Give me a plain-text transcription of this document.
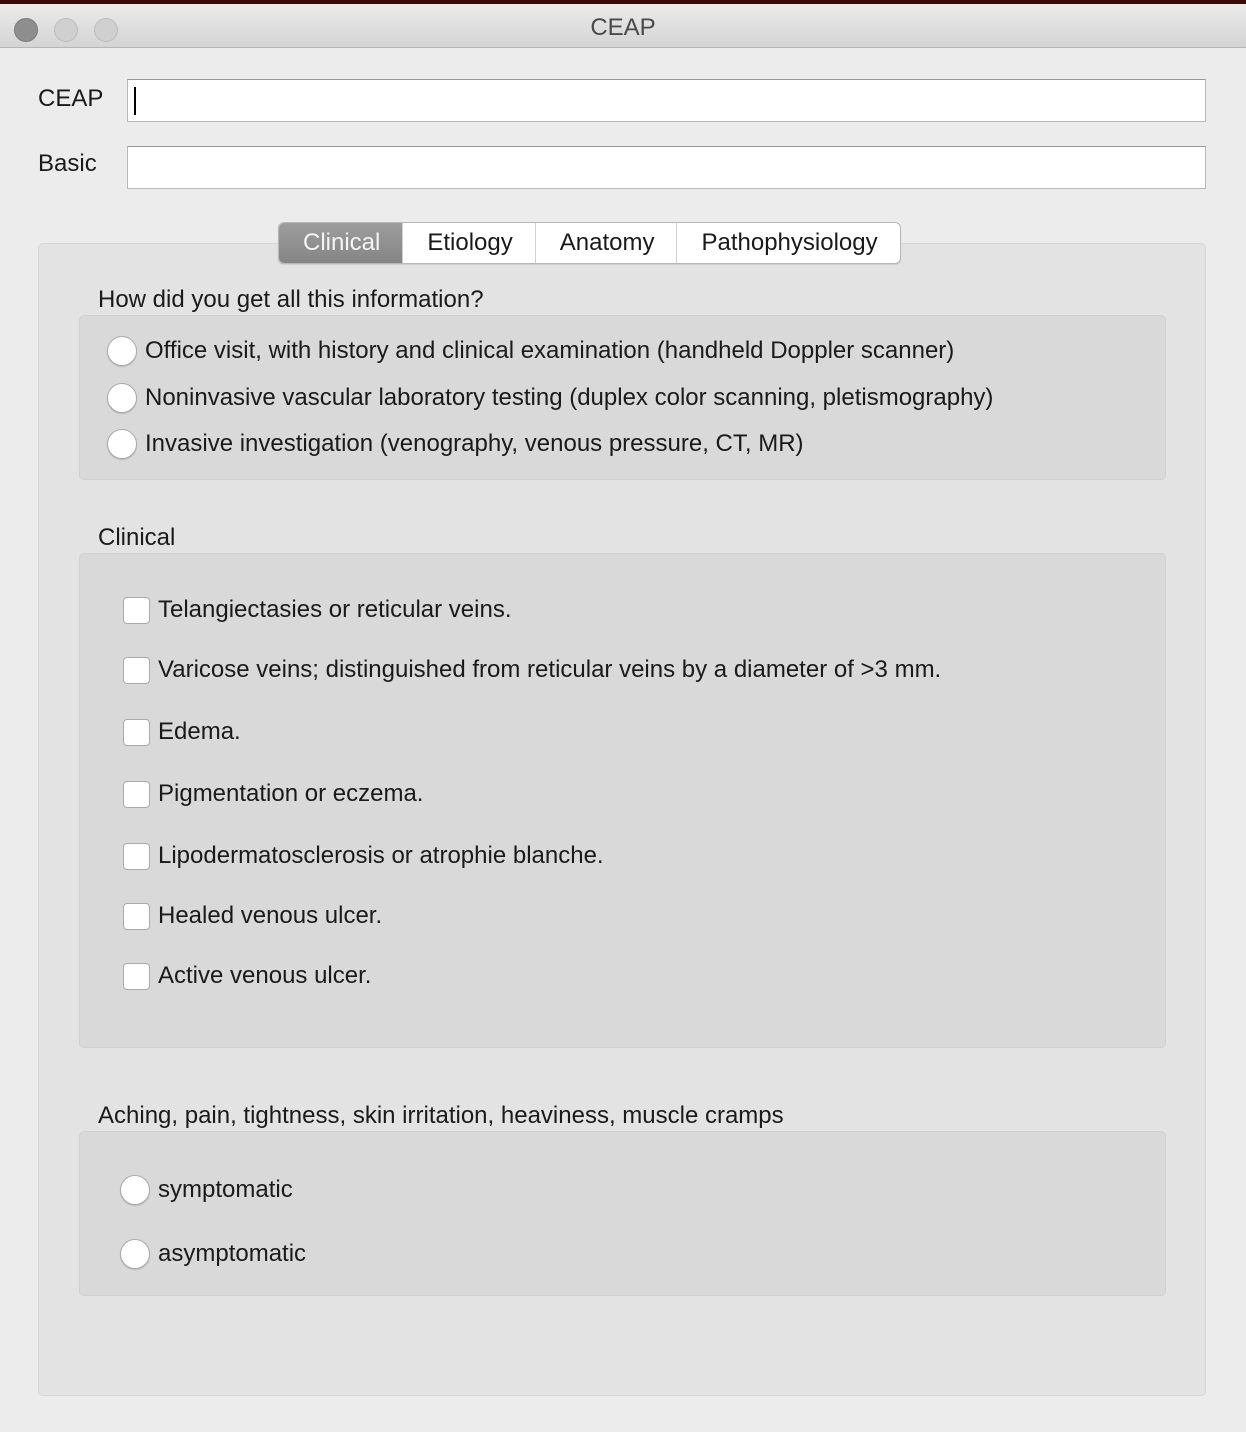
CEAP
CEAP
Basic
Clinical	Etiology	Anatomy	Pathophysiology
How did you get all this information?
Office visit, with history and clinical examination (handheld Doppler scanner)
Noninvasive vascular laboratory testing (duplex color scanning, pletismography)
Invasive investigation (venography, venous pressure, CT, MR)
Clinical
Telangiectasies or reticular veins.
Varicose veins; distinguished from reticular veins by a diameter of >3 mm.
Edema.
Pigmentation or eczema.
Lipodermatosclerosis or atrophie blanche.
Healed venous ulcer.
Active venous ulcer.
Aching, pain, tightness, skin irritation, heaviness, muscle cramps
symptomatic
asymptomatic
